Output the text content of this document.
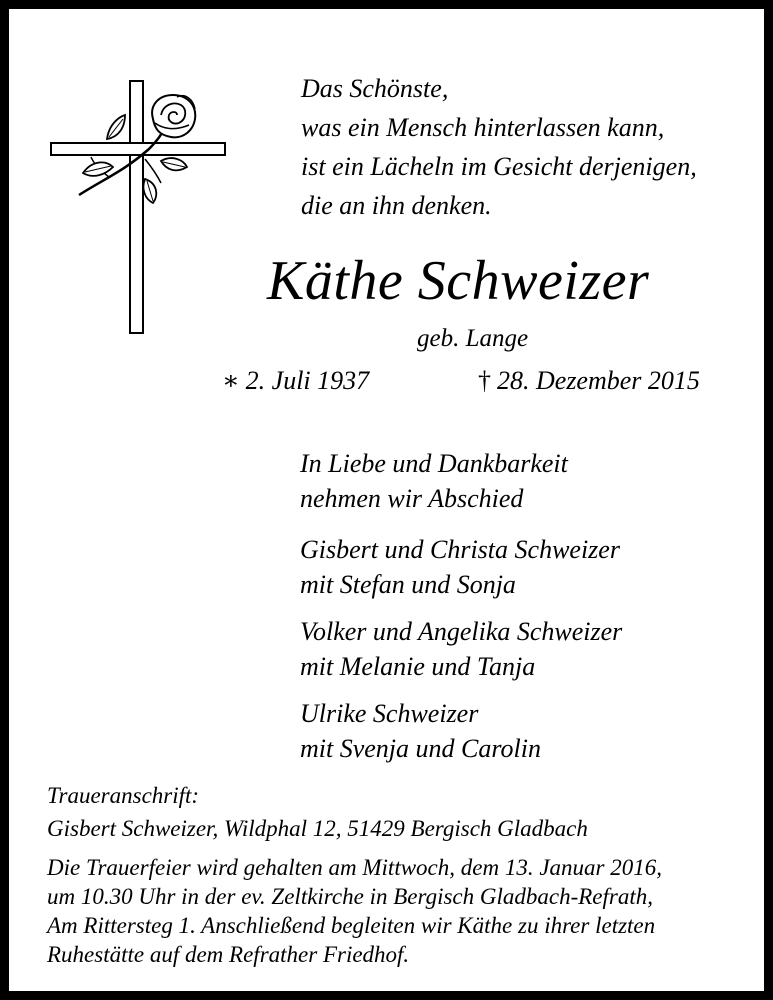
Das Schönste,
was ein Mensch hinterlassen kann,
ist ein Lächeln im Gesicht derjenigen,
die an ihn denken.
Käthe Schweizer
geb. Lange
∗ 2. Juli 1937	† 28. Dezember 2015
In Liebe und Dankbarkeit
nehmen wir Abschied
Gisbert und Christa Schweizer
mit Stefan und Sonja
Volker und Angelika Schweizer
mit Melanie und Tanja
Ulrike Schweizer
mit Svenja und Carolin
Traueranschrift:
Gisbert Schweizer, Wildphal 12, 51429 Bergisch Gladbach
Die Trauerfeier wird gehalten am Mittwoch, dem 13. Januar 2016,
um 10.30 Uhr in der ev. Zeltkirche in Bergisch Gladbach-Refrath,
Am Rittersteg 1. Anschließend begleiten wir Käthe zu ihrer letzten
Ruhestätte auf dem Refrather Friedhof.
